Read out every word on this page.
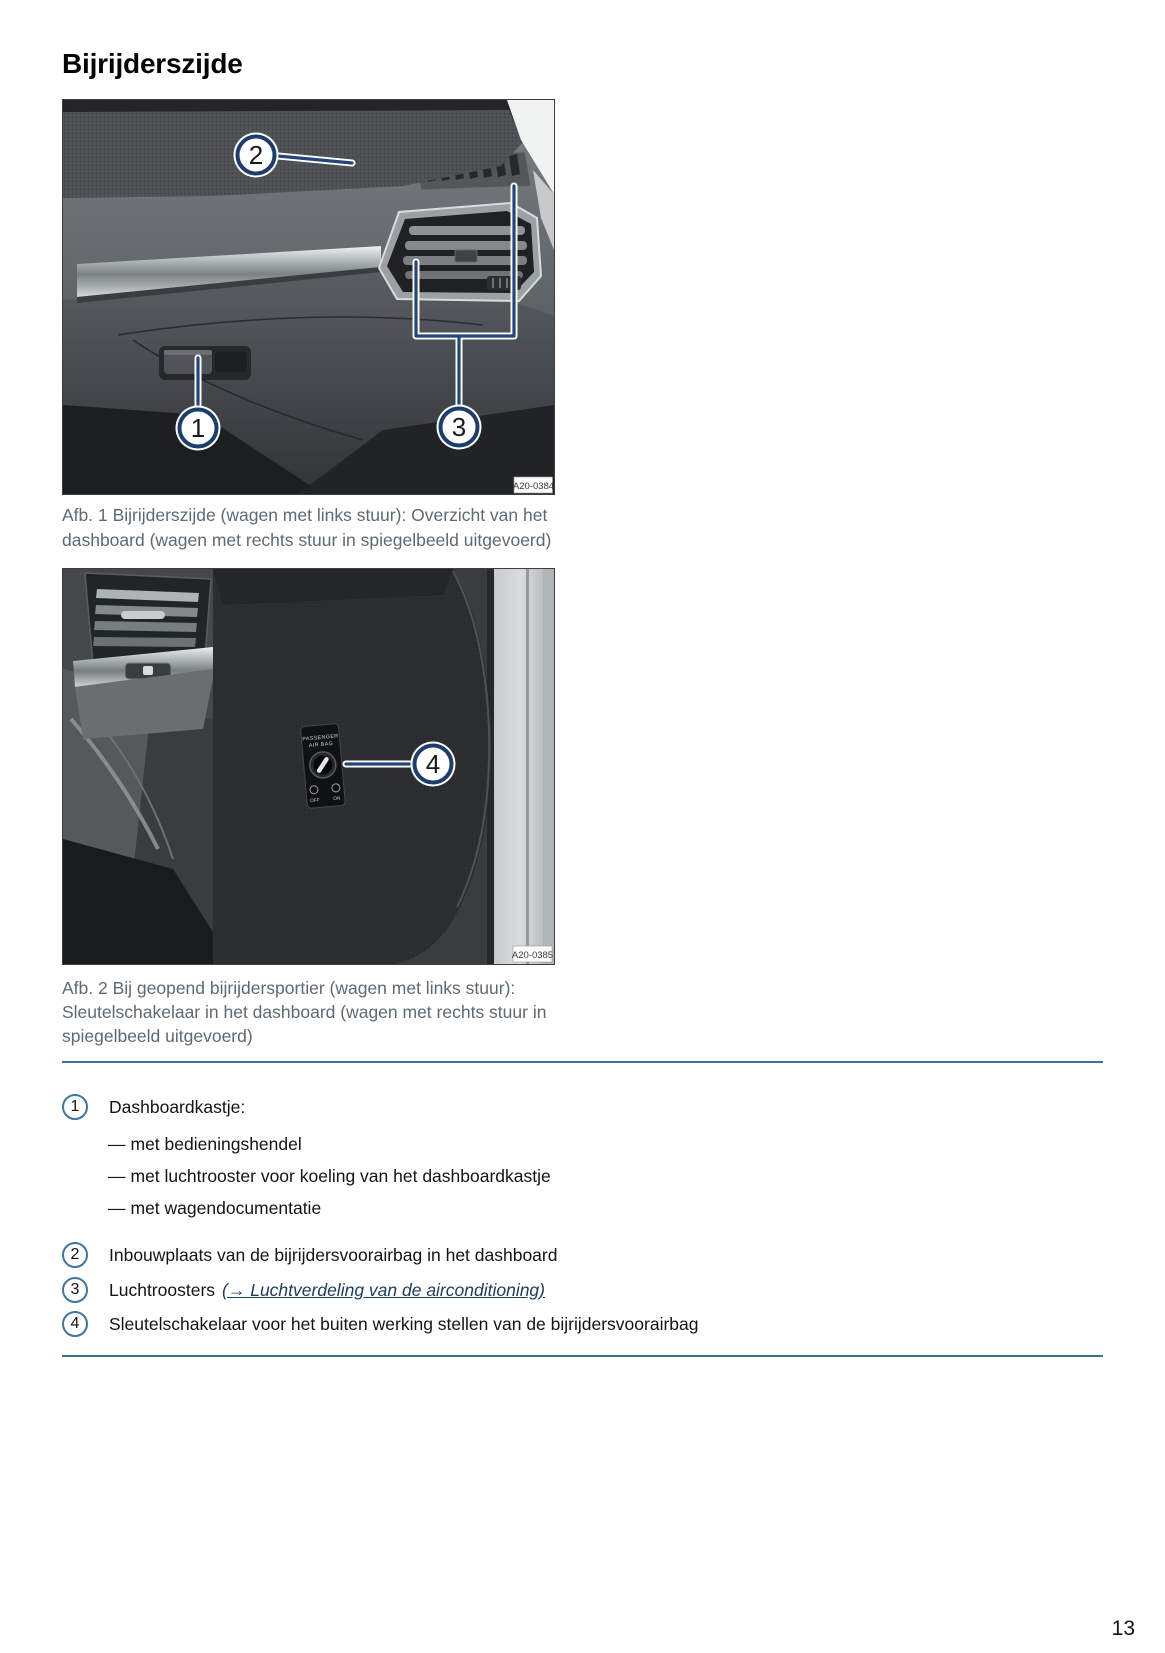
Bijrijderszijde
1
2
3
A20-0384
Afb. 1 Bijrijderszijde (wagen met links stuur): Overzicht van het
dashboard (wagen met rechts stuur in spiegelbeeld uitgevoerd)
PASSENGER
AIR BAG
OFF	ON
4
A20-0385
Afb. 2 Bij geopend bijrijdersportier (wagen met links stuur):
Sleutelschakelaar in het dashboard (wagen met rechts stuur in
spiegelbeeld uitgevoerd)
1	Dashboardkastje:
— met bedieningshendel
— met luchtrooster voor koeling van het dashboardkastje
— met wagendocumentatie
2	Inbouwplaats van de bijrijdersvoorairbag in het dashboard
3	Luchtroosters (→ Luchtverdeling van de airconditioning)
4	Sleutelschakelaar voor het buiten werking stellen van de bijrijdersvoorairbag
13
